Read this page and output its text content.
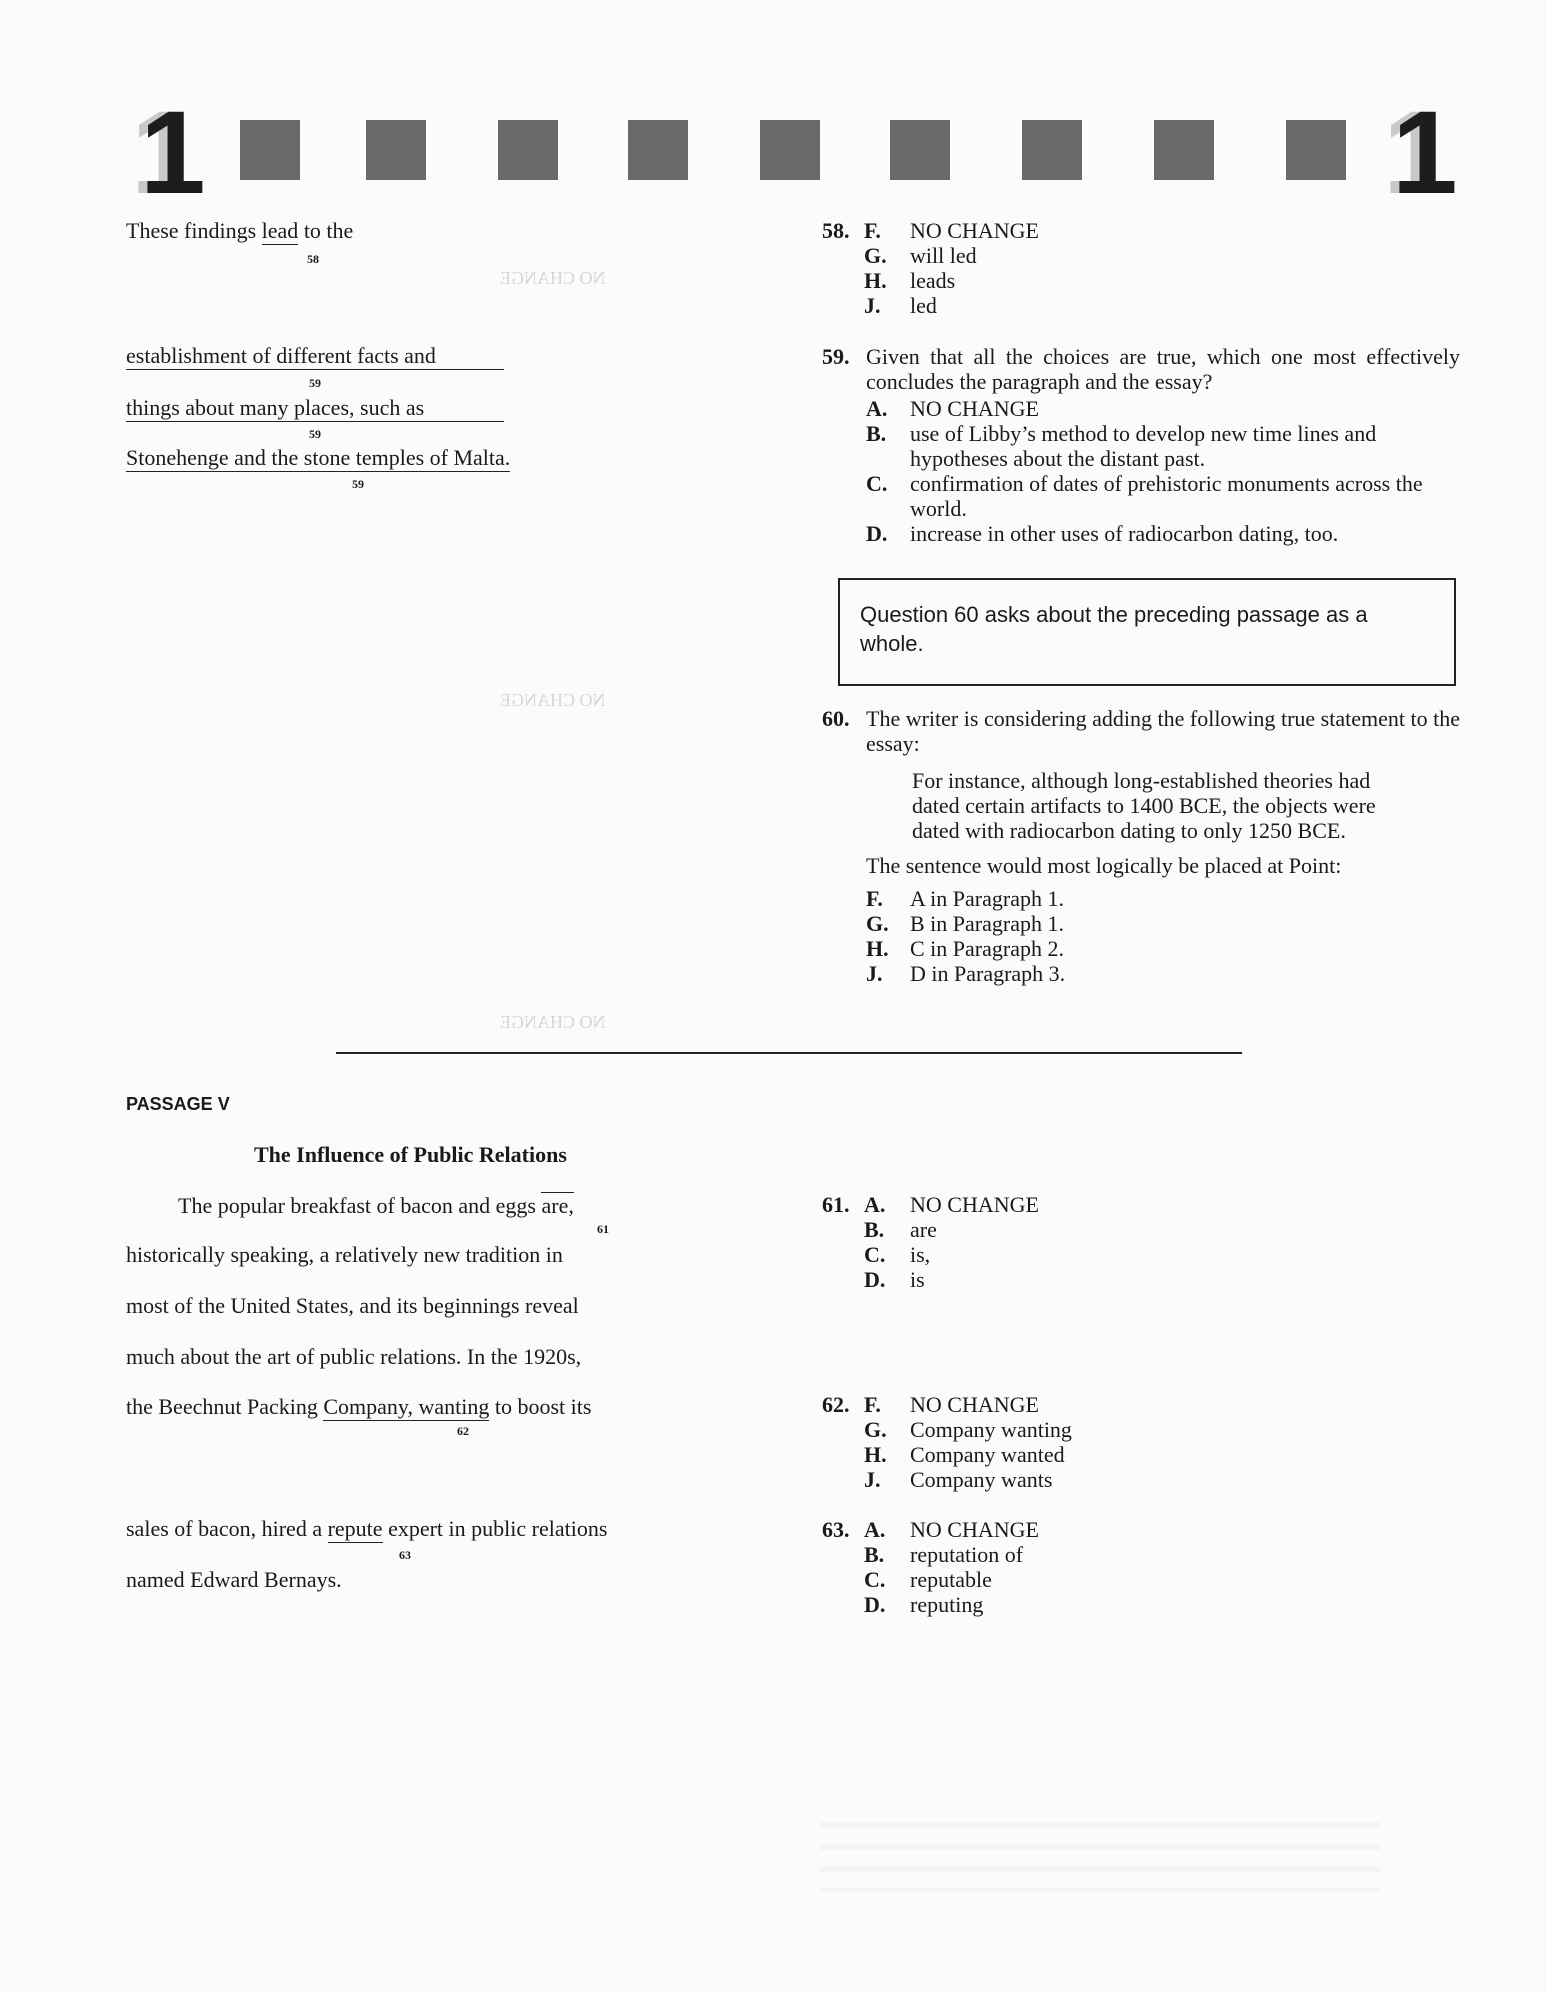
1	1
NO CHANGE
NO CHANGE
NO CHANGE
These findings lead to the
58
establishment of different facts and
59
things about many places, such as
59
Stonehenge and the stone temples of Malta.
59
58. F. NO CHANGE
G. will led
H. leads
J. led
59. Given that all the choices are true, which one most effectively concludes the paragraph and the essay?
A. NO CHANGE
B. use of Libby’s method to develop new time lines and hypotheses about the distant past.
C. confirmation of dates of prehistoric monuments across the world.
D. increase in other uses of radiocarbon dating, too.
Question 60 asks about the preceding passage as a whole.
60. The writer is considering adding the following true statement to the essay:
For instance, although long-established theories had dated certain artifacts to 1400 BCE, the objects were dated with radiocarbon dating to only 1250 BCE.
The sentence would most logically be placed at Point:
F. A in Paragraph 1.
G. B in Paragraph 1.
H. C in Paragraph 2.
J. D in Paragraph 3.
PASSAGE V
The Influence of Public Relations
The popular breakfast of bacon and eggs are,
61
historically speaking, a relatively new tradition in
most of the United States, and its beginnings reveal
much about the art of public relations. In the 1920s,
the Beechnut Packing Company, wanting to boost its
62
sales of bacon, hired a repute expert in public relations
63
named Edward Bernays.
61. A. NO CHANGE
B. are
C. is,
D. is
62. F. NO CHANGE
G. Company wanting
H. Company wanted
J. Company wants
63. A. NO CHANGE
B. reputation of
C. reputable
D. reputing
